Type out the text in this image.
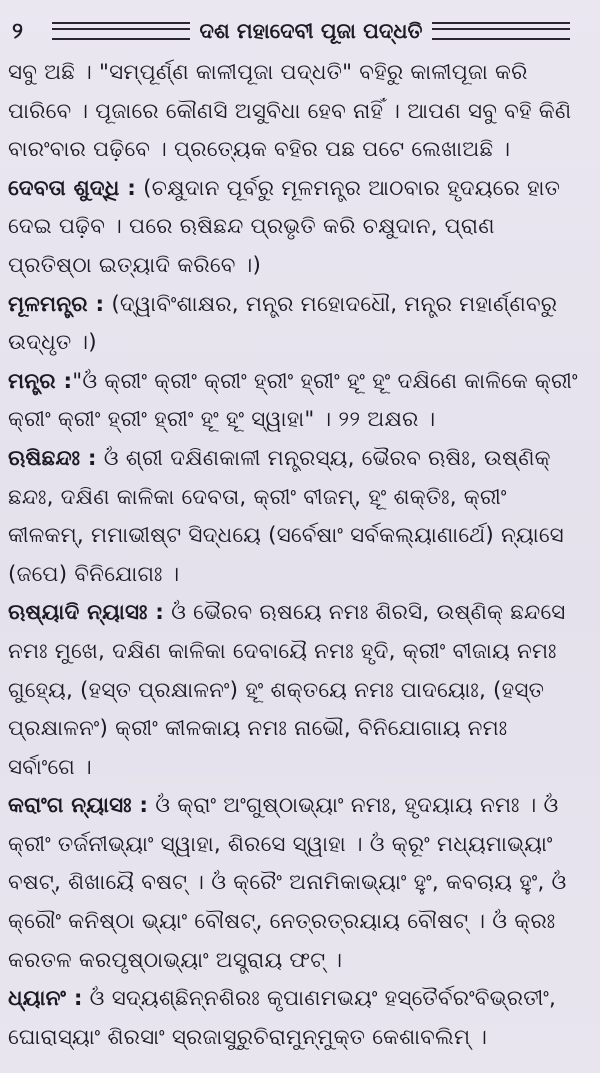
୨	ଦଶ ମହାଦେବୀ ପୂଜା ପଦ୍ଧତି

ସବୁ ଅଛି । "ସମ୍ପୂର୍ଣ୍ଣ କାଳୀପୂଜା ପଦ୍ଧତି" ବହିରୁ କାଳୀପୂଜା କରି ପାରିବେ । ପୂଜାରେ କୌଣସି ଅସୁବିଧା ହେବ ନାହିଁ । ଆପଣ ସବୁ ବହି କିଣି ବାରଂବାର ପଢ଼ିବେ । ପ୍ରତ୍ୟେକ ବହିର ପଛ ପଟେ ଲେଖାଅଛି ।

ଦେବତା ଶୁଦ୍ଧି : (ଚକ୍ଷୁଦାନ ପୂର୍ବରୁ ମୂଳମନ୍ତ୍ର ଆଠବାର ହୃଦୟରେ ହାତ ଦେଇ ପଢ଼ିବ । ପରେ ଋଷିଛନ୍ଦ ପ୍ରଭୃତି କରି ଚକ୍ଷୁଦାନ, ପ୍ରାଣ ପ୍ରତିଷ୍ଠା ଇତ୍ୟାଦି କରିବେ ।)

ମୂଳମନ୍ତ୍ର : (ଦ୍ୱାବିଂଶାକ୍ଷର, ମନ୍ତ୍ର ମହୋଦଧୌ, ମନ୍ତ୍ର ମହାର୍ଣ୍ଣବରୁ ଉଦ୍ଧୃତ ।)

ମନ୍ତ୍ର :"ଓଁ କ୍ରୀଂ କ୍ରୀଂ କ୍ରୀଂ ହ୍ରୀଂ ହ୍ରୀଂ ହୂଂ ହୂଂ ଦକ୍ଷିଣେ କାଳିକେ କ୍ରୀଂ କ୍ରୀଂ କ୍ରୀଂ ହ୍ରୀଂ ହ୍ରୀଂ ହୂଂ ହୂଂ ସ୍ୱାହା" । ୨୨ ଅକ୍ଷର ।

ଋଷିଛନ୍ଦଃ : ଓଁ ଶ୍ରୀ ଦକ୍ଷିଣକାଳୀ ମନ୍ତ୍ରସ୍ୟ, ଭୈରବ ଋଷିଃ, ଉଷ୍ଣିକ୍ ଛନ୍ଦଃ, ଦକ୍ଷିଣ କାଳିକା ଦେବତା, କ୍ରୀଂ ବୀଜମ୍, ହୂଂ ଶକ୍ତିଃ, କ୍ରୀଂ କୀଳକମ୍, ମମାଭୀଷ୍ଟ ସିଦ୍ଧୟେ (ସର୍ବେଷାଂ ସର୍ବକଲ୍ୟାଣାର୍ଥେ) ନ୍ୟାସେ (ଜପେ) ବିନିଯୋଗଃ ।

ଋଷ୍ୟାଦି ନ୍ୟାସଃ : ଓଁ ଭୈରବ ଋଷୟେ ନମଃ ଶିରସି, ଉଷ୍ଣିକ୍ ଛନ୍ଦସେ ନମଃ ମୁଖେ, ଦକ୍ଷିଣ କାଳିକା ଦେବାୟୈ ନମଃ ହୃଦି, କ୍ରୀଂ ବୀଜାୟ ନମଃ ଗୁହ୍ୟେ, (ହସ୍ତ ପ୍ରକ୍ଷାଳନଂ) ହୂଂ ଶକ୍ତୟେ ନମଃ ପାଦୟୋଃ, (ହସ୍ତ ପ୍ରକ୍ଷାଳନଂ) କ୍ରୀଂ କୀଳକାୟ ନମଃ ନାଭୌ, ବିନିଯୋଗାୟ ନମଃ ସର୍ବାଂଗେ ।

କରାଂଗ ନ୍ୟାସଃ : ଓଁ କ୍ରାଂ ଅଂଗୁଷ୍ଠାଭ୍ୟାଂ ନମଃ, ହୃଦୟାୟ ନମଃ । ଓଁ କ୍ରୀଂ ତର୍ଜନୀଭ୍ୟାଂ ସ୍ୱାହା, ଶିରସେ ସ୍ୱାହା । ଓଁ କ୍ରୂଂ ମଧ୍ୟମାଭ୍ୟାଂ ବଷଟ୍, ଶିଖାୟୈ ବଷଟ୍ । ଓଁ କ୍ରୈଂ ଅନାମିକାଭ୍ୟାଂ ହୁଂ, କବଚାୟ ହୁଂ, ଓଁ କ୍ରୌଂ କନିଷ୍ଠା ଭ୍ୟାଂ ବୌଷଟ୍, ନେତ୍ରତ୍ରୟାୟ ବୌଷଟ୍ । ଓଁ କ୍ରଃ କରତଳ କରପୃଷ୍ଠାଭ୍ୟାଂ ଅସ୍ତ୍ରାୟ ଫଟ୍ ।

ଧ୍ୟାନଂ : ଓଁ ସଦ୍ୟଶ୍ଛିନ୍ନଶିରଃ କୃପାଣମଭୟଂ ହସ୍ତୈର୍ବରଂବିଭ୍ରତୀଂ, ଘୋରାସ୍ୟାଂ ଶିରସାଂ ସ୍ରଜାସୁରୁଚିରାମୁନ୍ମୁକ୍ତ କେଶାବଲିମ୍ ।
